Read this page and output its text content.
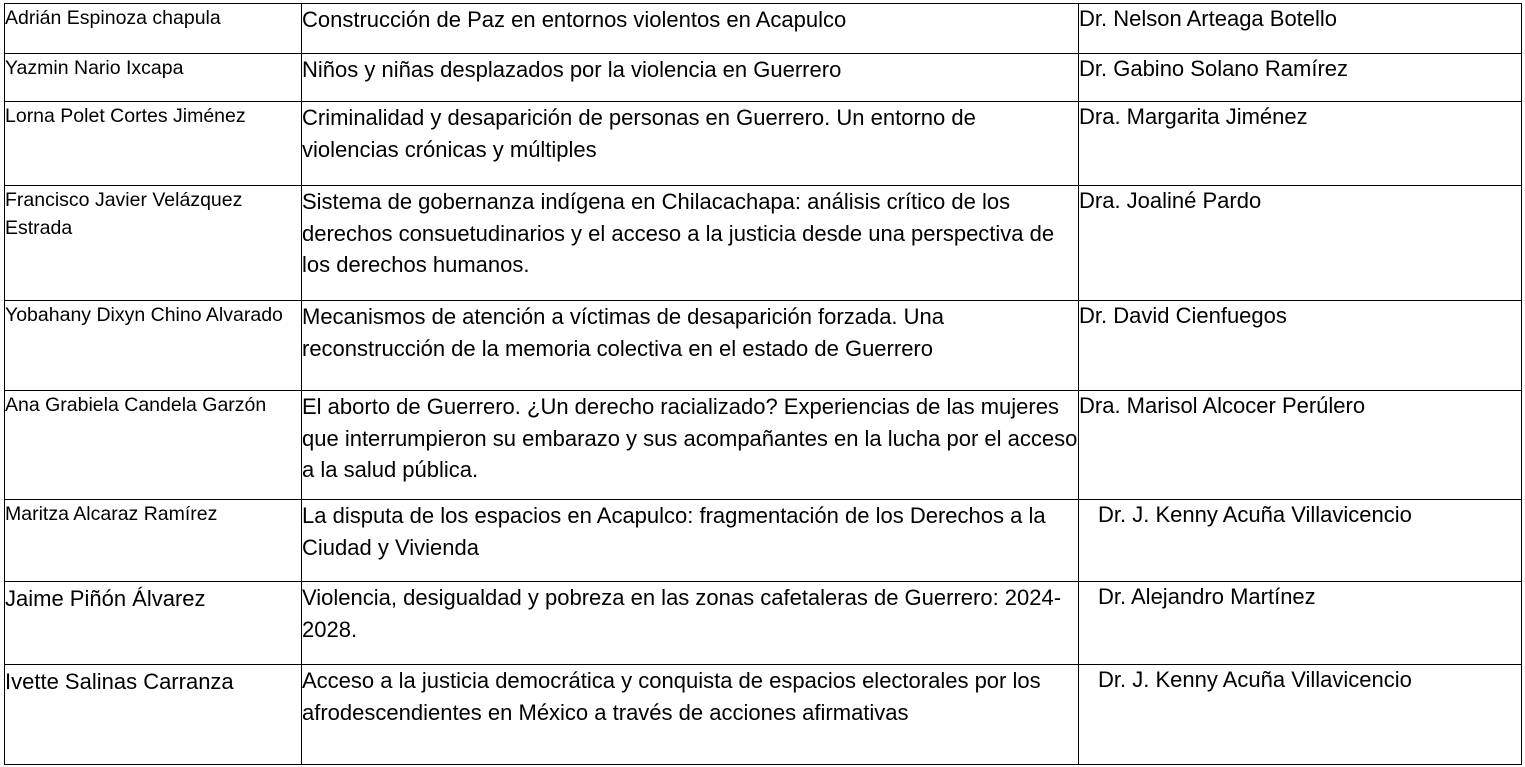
Adrián Espinoza chapula	Construcción de Paz en entornos violentos en Acapulco	Dr. Nelson Arteaga Botello
Yazmin Nario Ixcapa	Niños y niñas desplazados por la violencia en Guerrero	Dr. Gabino Solano Ramírez
Lorna Polet Cortes Jiménez	Criminalidad y desaparición de personas en Guerrero. Un entorno de violencias crónicas y múltiples	Dra. Margarita Jiménez
Francisco Javier Velázquez Estrada	Sistema de gobernanza indígena en Chilacachapa: análisis crítico de los derechos consuetudinarios y el acceso a la justicia desde una perspectiva de los derechos humanos.	Dra. Joaliné Pardo
Yobahany Dixyn Chino Alvarado	Mecanismos de atención a víctimas de desaparición forzada. Una reconstrucción de la memoria colectiva en el estado de Guerrero	Dr. David Cienfuegos
Ana Grabiela Candela Garzón	El aborto de Guerrero. ¿Un derecho racializado? Experiencias de las mujeres que interrumpieron su embarazo y sus acompañantes en la lucha por el acceso a la salud pública.	Dra. Marisol Alcocer Perúlero
Maritza Alcaraz Ramírez	La disputa de los espacios en Acapulco: fragmentación de los Derechos a la Ciudad y Vivienda	Dr. J. Kenny Acuña Villavicencio
Jaime Piñón Álvarez	Violencia, desigualdad y pobreza en las zonas cafetaleras de Guerrero: 2024-2028.	Dr. Alejandro Martínez
Ivette Salinas Carranza	Acceso a la justicia democrática y conquista de espacios electorales por los afrodescendientes en México a través de acciones afirmativas	Dr. J. Kenny Acuña Villavicencio
